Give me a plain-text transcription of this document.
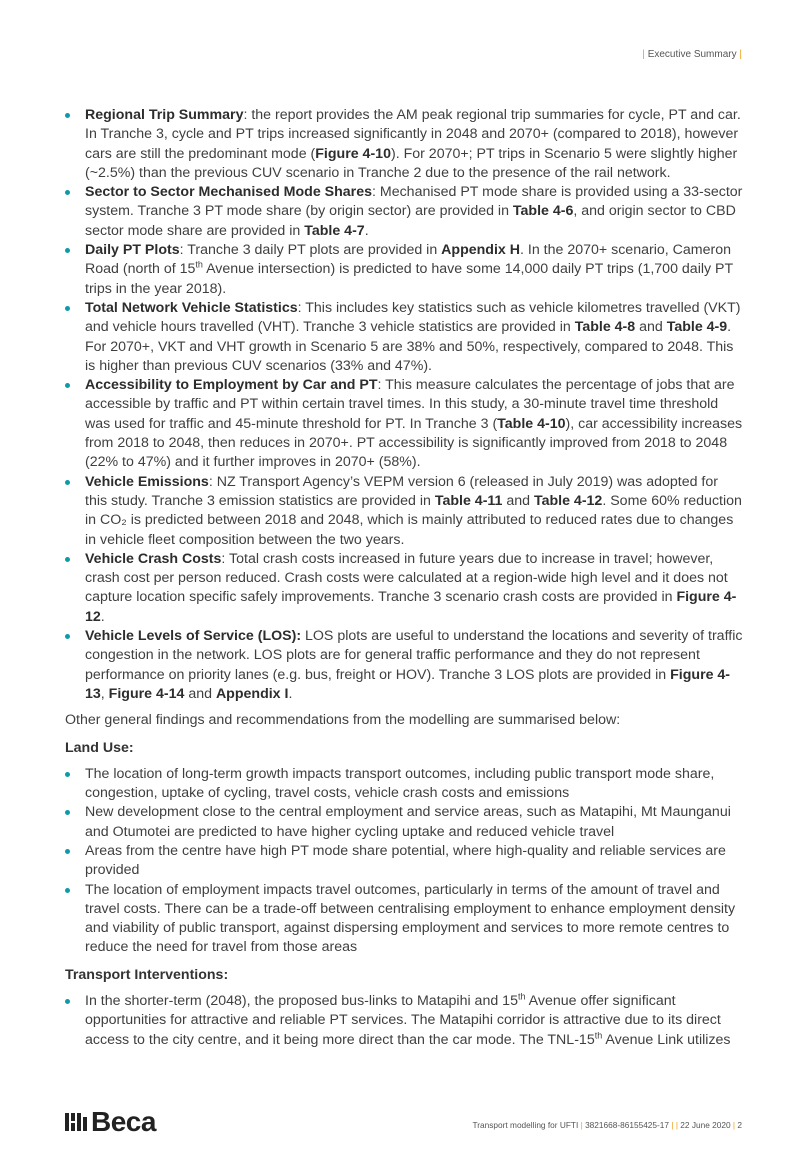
| Executive Summary |
Regional Trip Summary: the report provides the AM peak regional trip summaries for cycle, PT and car. In Tranche 3, cycle and PT trips increased significantly in 2048 and 2070+ (compared to 2018), however cars are still the predominant mode (Figure 4-10). For 2070+; PT trips in Scenario 5 were slightly higher (~2.5%) than the previous CUV scenario in Tranche 2 due to the presence of the rail network.
Sector to Sector Mechanised Mode Shares: Mechanised PT mode share is provided using a 33-sector system. Tranche 3 PT mode share (by origin sector) are provided in Table 4-6, and origin sector to CBD sector mode share are provided in Table 4-7.
Daily PT Plots: Tranche 3 daily PT plots are provided in Appendix H. In the 2070+ scenario, Cameron Road (north of 15th Avenue intersection) is predicted to have some 14,000 daily PT trips (1,700 daily PT trips in the year 2018).
Total Network Vehicle Statistics: This includes key statistics such as vehicle kilometres travelled (VKT) and vehicle hours travelled (VHT). Tranche 3 vehicle statistics are provided in Table 4-8 and Table 4-9. For 2070+, VKT and VHT growth in Scenario 5 are 38% and 50%, respectively, compared to 2048. This is higher than previous CUV scenarios (33% and 47%).
Accessibility to Employment by Car and PT: This measure calculates the percentage of jobs that are accessible by traffic and PT within certain travel times. In this study, a 30-minute travel time threshold was used for traffic and 45-minute threshold for PT. In Tranche 3 (Table 4-10), car accessibility increases from 2018 to 2048, then reduces in 2070+. PT accessibility is significantly improved from 2018 to 2048 (22% to 47%) and it further improves in 2070+ (58%).
Vehicle Emissions: NZ Transport Agency’s VEPM version 6 (released in July 2019) was adopted for this study. Tranche 3 emission statistics are provided in Table 4-11 and Table 4-12. Some 60% reduction in CO₂ is predicted between 2018 and 2048, which is mainly attributed to reduced rates due to changes in vehicle fleet composition between the two years.
Vehicle Crash Costs: Total crash costs increased in future years due to increase in travel; however, crash cost per person reduced. Crash costs were calculated at a region-wide high level and it does not capture location specific safely improvements. Tranche 3 scenario crash costs are provided in Figure 4-12.
Vehicle Levels of Service (LOS): LOS plots are useful to understand the locations and severity of traffic congestion in the network. LOS plots are for general traffic performance and they do not represent performance on priority lanes (e.g. bus, freight or HOV). Tranche 3 LOS plots are provided in Figure 4-13, Figure 4-14 and Appendix I.

Other general findings and recommendations from the modelling are summarised below:

Land Use:

The location of long-term growth impacts transport outcomes, including public transport mode share, congestion, uptake of cycling, travel costs, vehicle crash costs and emissions
New development close to the central employment and service areas, such as Matapihi, Mt Maunganui and Otumotei are predicted to have higher cycling uptake and reduced vehicle travel
Areas from the centre have high PT mode share potential, where high-quality and reliable services are provided
The location of employment impacts travel outcomes, particularly in terms of the amount of travel and travel costs. There can be a trade-off between centralising employment to enhance employment density and viability of public transport, against dispersing employment and services to more remote centres to reduce the need for travel from those areas

Transport Interventions:

In the shorter-term (2048), the proposed bus-links to Matapihi and 15th Avenue offer significant opportunities for attractive and reliable PT services. The Matapihi corridor is attractive due to its direct access to the city centre, and it being more direct than the car mode. The TNL-15th Avenue Link utilizes
Beca	Transport modelling for UFTI | 3821668-86155425-17 | | 22 June 2020 | 2
